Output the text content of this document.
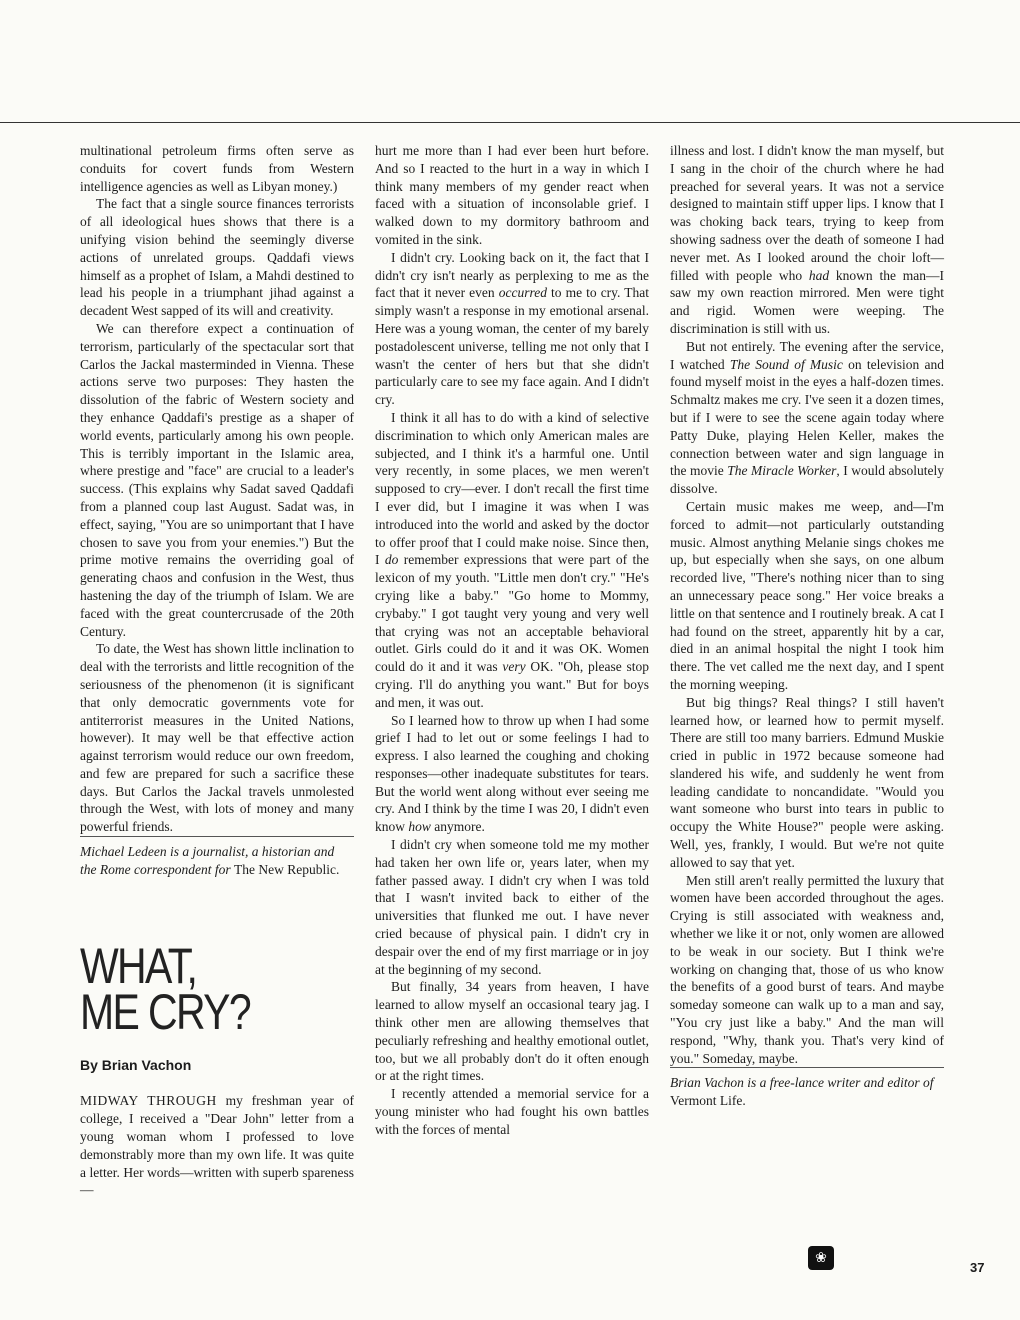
multinational petroleum firms often serve as conduits for covert funds from Western intelligence agencies as well as Libyan money.)

The fact that a single source finances terrorists of all ideological hues shows that there is a unifying vision behind the seemingly diverse actions of unrelated groups. Qaddafi views himself as a prophet of Islam, a Mahdi destined to lead his people in a triumphant jihad against a decadent West sapped of its will and creativity.

We can therefore expect a continuation of terrorism, particularly of the spectacular sort that Carlos the Jackal masterminded in Vienna. These actions serve two purposes: They hasten the dissolution of the fabric of Western society and they enhance Qaddafi's prestige as a shaper of world events, particularly among his own people. This is terribly important in the Islamic area, where prestige and "face" are crucial to a leader's success. (This explains why Sadat saved Qaddafi from a planned coup last August. Sadat was, in effect, saying, "You are so unimportant that I have chosen to save you from your enemies.") But the prime motive remains the overriding goal of generating chaos and confusion in the West, thus hastening the day of the triumph of Islam. We are faced with the great countercrusade of the 20th Century.

To date, the West has shown little inclination to deal with the terrorists and little recognition of the seriousness of the phenomenon (it is significant that only democratic governments vote for antiterrorist measures in the United Nations, however). It may well be that effective action against terrorism would reduce our own freedom, and few are prepared for such a sacrifice these days. But Carlos the Jackal travels unmolested through the West, with lots of money and many powerful friends.

Michael Ledeen is a journalist, a historian and the Rome correspondent for The New Republic.

WHAT,
ME CRY?
By Brian Vachon

MIDWAY THROUGH my freshman year of college, I received a "Dear John" letter from a young woman whom I professed to love demonstrably more than my own life. It was quite a letter. Her words—written with superb spareness—

hurt me more than I had ever been hurt before. And so I reacted to the hurt in a way in which I think many members of my gender react when faced with a situation of inconsolable grief. I walked down to my dormitory bathroom and vomited in the sink.

I didn't cry. Looking back on it, the fact that I didn't cry isn't nearly as perplexing to me as the fact that it never even occurred to me to cry. That simply wasn't a response in my emotional arsenal. Here was a young woman, the center of my barely postadolescent universe, telling me not only that I wasn't the center of hers but that she didn't particularly care to see my face again. And I didn't cry.

I think it all has to do with a kind of selective discrimination to which only American males are subjected, and I think it's a harmful one. Until very recently, in some places, we men weren't supposed to cry—ever. I don't recall the first time I ever did, but I imagine it was when I was introduced into the world and asked by the doctor to offer proof that I could make noise. Since then, I do remember expressions that were part of the lexicon of my youth. "Little men don't cry." "He's crying like a baby." "Go home to Mommy, crybaby." I got taught very young and very well that crying was not an acceptable behavioral outlet. Girls could do it and it was OK. Women could do it and it was very OK. "Oh, please stop crying. I'll do anything you want." But for boys and men, it was out.

So I learned how to throw up when I had some grief I had to let out or some feelings I had to express. I also learned the coughing and choking responses—other inadequate substitutes for tears. But the world went along without ever seeing me cry. And I think by the time I was 20, I didn't even know how anymore.

I didn't cry when someone told me my mother had taken her own life or, years later, when my father passed away. I didn't cry when I was told that I wasn't invited back to either of the universities that flunked me out. I have never cried because of physical pain. I didn't cry in despair over the end of my first marriage or in joy at the beginning of my second.

But finally, 34 years from heaven, I have learned to allow myself an occasional teary jag. I think other men are allowing themselves that peculiarly refreshing and healthy emotional outlet, too, but we all probably don't do it often enough or at the right times.

I recently attended a memorial service for a young minister who had fought his own battles with the forces of mental

illness and lost. I didn't know the man myself, but I sang in the choir of the church where he had preached for several years. It was not a service designed to maintain stiff upper lips. I know that I was choking back tears, trying to keep from showing sadness over the death of someone I had never met. As I looked around the choir loft—filled with people who had known the man—I saw my own reaction mirrored. Men were tight and rigid. Women were weeping. The discrimination is still with us.

But not entirely. The evening after the service, I watched The Sound of Music on television and found myself moist in the eyes a half-dozen times. Schmaltz makes me cry. I've seen it a dozen times, but if I were to see the scene again today where Patty Duke, playing Helen Keller, makes the connection between water and sign language in the movie The Miracle Worker, I would absolutely dissolve.

Certain music makes me weep, and—I'm forced to admit—not particularly outstanding music. Almost anything Melanie sings chokes me up, but especially when she says, on one album recorded live, "There's nothing nicer than to sing an unnecessary peace song." Her voice breaks a little on that sentence and I routinely break. A cat I had found on the street, apparently hit by a car, died in an animal hospital the night I took him there. The vet called me the next day, and I spent the morning weeping.

But big things? Real things? I still haven't learned how, or learned how to permit myself. There are still too many barriers. Edmund Muskie cried in public in 1972 because someone had slandered his wife, and suddenly he went from leading candidate to noncandidate. "Would you want someone who burst into tears in public to occupy the White House?" people were asking. Well, yes, frankly, I would. But we're not quite allowed to say that yet.

Men still aren't really permitted the luxury that women have been accorded throughout the ages. Crying is still associated with weakness and, whether we like it or not, only women are allowed to be weak in our society. But I think we're working on changing that, those of us who know the benefits of a good burst of tears. And maybe someday someone can walk up to a man and say, "You cry just like a baby." And the man will respond, "Why, thank you. That's very kind of you." Someday, maybe.

Brian Vachon is a free-lance writer and editor of Vermont Life.

❀
37
